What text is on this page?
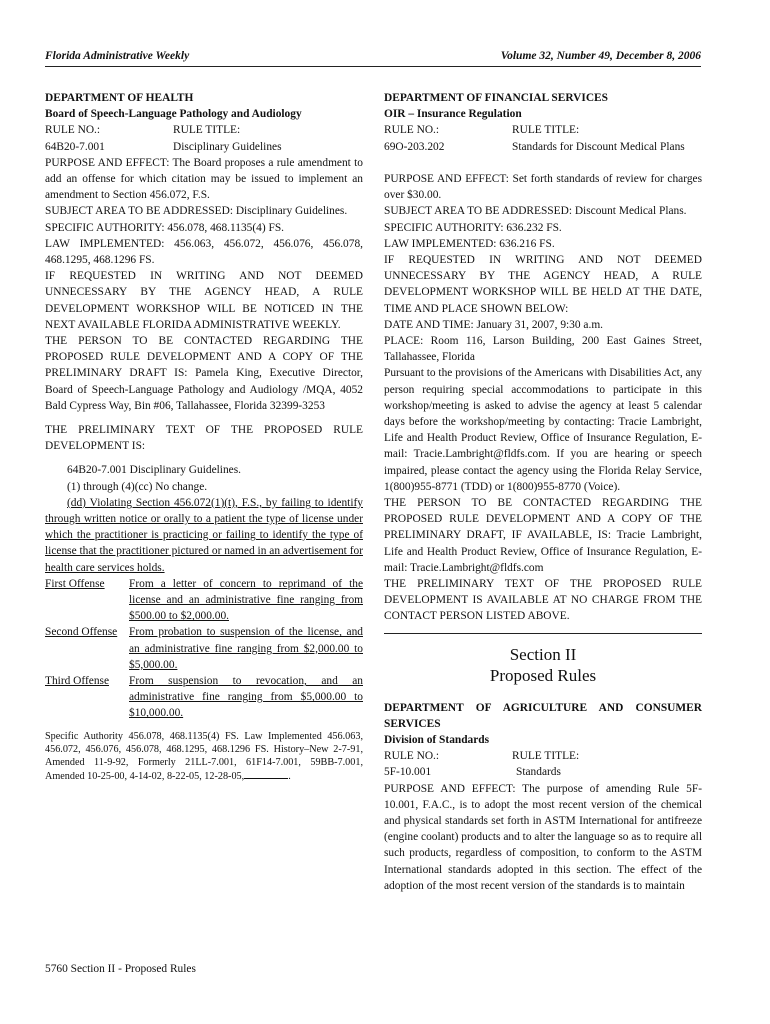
Florida Administrative Weekly	Volume 32, Number 49, December 8, 2006

DEPARTMENT OF HEALTH

Board of Speech-Language Pathology and Audiology

RULE NO.:	RULE TITLE:
64B20-7.001	Disciplinary Guidelines

PURPOSE AND EFFECT: The Board proposes a rule amendment to add an offense for which citation may be issued to implement an amendment to Section 456.072, F.S.

SUBJECT AREA TO BE ADDRESSED: Disciplinary Guidelines.

SPECIFIC AUTHORITY: 456.078, 468.1135(4) FS.

LAW IMPLEMENTED: 456.063, 456.072, 456.076, 456.078, 468.1295, 468.1296 FS.

IF REQUESTED IN WRITING AND NOT DEEMED UNNECESSARY BY THE AGENCY HEAD, A RULE DEVELOPMENT WORKSHOP WILL BE NOTICED IN THE NEXT AVAILABLE FLORIDA ADMINISTRATIVE WEEKLY.

THE PERSON TO BE CONTACTED REGARDING THE PROPOSED RULE DEVELOPMENT AND A COPY OF THE PRELIMINARY DRAFT IS: Pamela King, Executive Director, Board of Speech-Language Pathology and Audiology /MQA, 4052 Bald Cypress Way, Bin #06, Tallahassee, Florida 32399-3253

THE PRELIMINARY TEXT OF THE PROPOSED RULE DEVELOPMENT IS:

64B20-7.001 Disciplinary Guidelines.

(1) through (4)(cc) No change.

(dd) Violating Section 456.072(1)(t), F.S., by failing to identify through written notice or orally to a patient the type of license under which the practitioner is practicing or failing to identify the type of license that the practitioner pictured or named in an advertisement for health care services holds.

First Offense	From a letter of concern to reprimand of the license and an administrative fine ranging from $500.00 to $2,000.00.
Second Offense	From probation to suspension of the license, and an administrative fine ranging from $2,000.00 to $5,000.00.
Third Offense	From suspension to revocation, and an administrative fine ranging from $5,000.00 to $10,000.00.

Specific Authority 456.078, 468.1135(4) FS. Law Implemented 456.063, 456.072, 456.076, 456.078, 468.1295, 468.1296 FS. History–New 2-7-91, Amended 11-9-92, Formerly 21LL-7.001, 61F14-7.001, 59BB-7.001, Amended 10-25-00, 4-14-02, 8-22-05, 12-28-05,	.

DEPARTMENT OF FINANCIAL SERVICES

OIR – Insurance Regulation

RULE NO.:	RULE TITLE:
69O-203.202	Standards for Discount Medical Plans

PURPOSE AND EFFECT: Set forth standards of review for charges over $30.00.

SUBJECT AREA TO BE ADDRESSED: Discount Medical Plans.

SPECIFIC AUTHORITY: 636.232 FS.

LAW IMPLEMENTED: 636.216 FS.

IF REQUESTED IN WRITING AND NOT DEEMED UNNECESSARY BY THE AGENCY HEAD, A RULE DEVELOPMENT WORKSHOP WILL BE HELD AT THE DATE, TIME AND PLACE SHOWN BELOW:

DATE AND TIME: January 31, 2007, 9:30 a.m.

PLACE: Room 116, Larson Building, 200 East Gaines Street, Tallahassee, Florida

Pursuant to the provisions of the Americans with Disabilities Act, any person requiring special accommodations to participate in this workshop/meeting is asked to advise the agency at least 5 calendar days before the workshop/meeting by contacting: Tracie Lambright, Life and Health Product Review, Office of Insurance Regulation, E-mail: Tracie.Lambright@fldfs.com. If you are hearing or speech impaired, please contact the agency using the Florida Relay Service, 1(800)955-8771 (TDD) or 1(800)955-8770 (Voice).

THE PERSON TO BE CONTACTED REGARDING THE PROPOSED RULE DEVELOPMENT AND A COPY OF THE PRELIMINARY DRAFT, IF AVAILABLE, IS: Tracie Lambright, Life and Health Product Review, Office of Insurance Regulation, E-mail: Tracie.Lambright@fldfs.com

THE PRELIMINARY TEXT OF THE PROPOSED RULE DEVELOPMENT IS AVAILABLE AT NO CHARGE FROM THE CONTACT PERSON LISTED ABOVE.

Section II

Proposed Rules

DEPARTMENT OF AGRICULTURE AND CONSUMER SERVICES

Division of Standards

RULE NO.:	RULE TITLE:
5F-10.001	Standards

PURPOSE AND EFFECT: The purpose of amending Rule 5F-10.001, F.A.C., is to adopt the most recent version of the chemical and physical standards set forth in ASTM International for antifreeze (engine coolant) products and to alter the language so as to require all such products, regardless of composition, to conform to the ASTM International standards adopted in this section. The effect of the adoption of the most recent version of the standards is to maintain

5760 Section II - Proposed Rules
